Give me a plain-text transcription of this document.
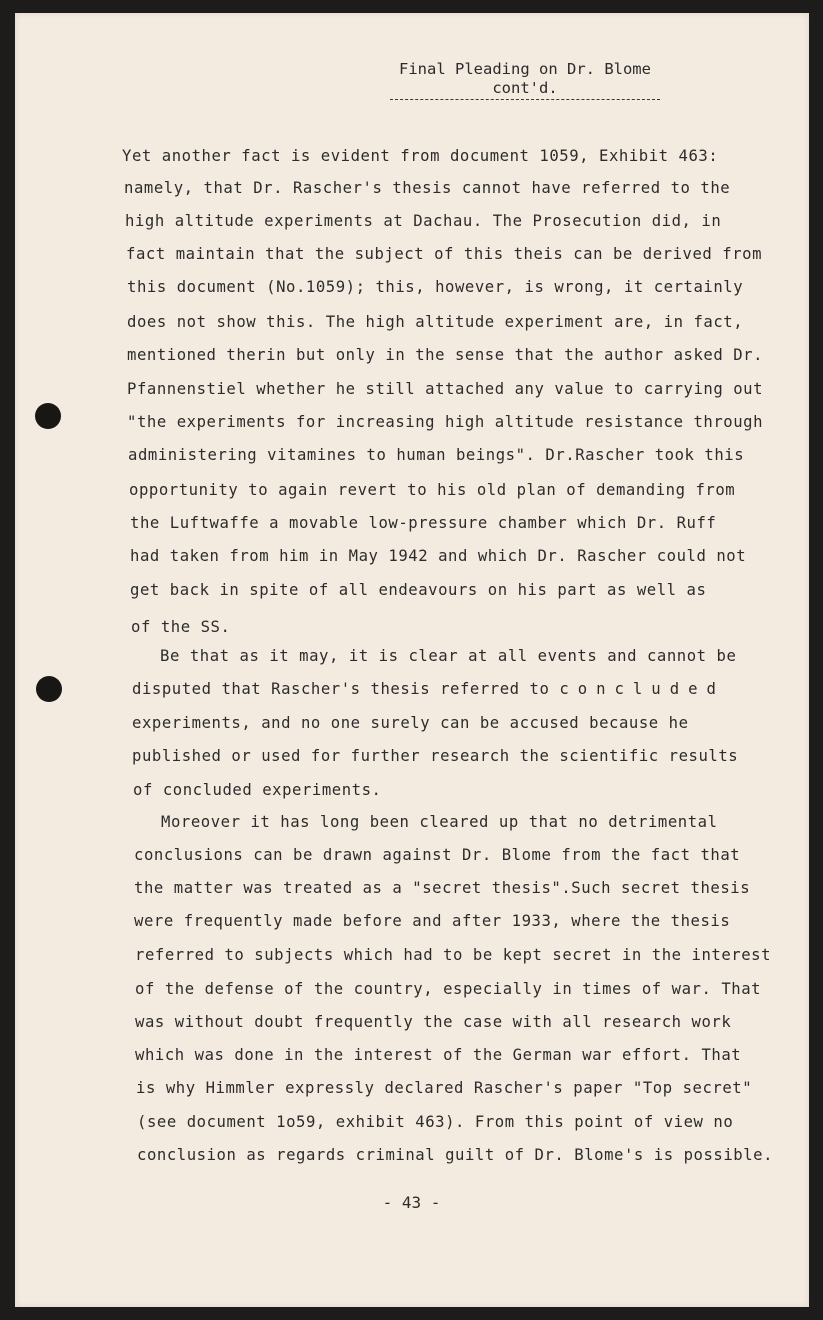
Final Pleading on Dr. Blome
cont'd.
Yet another fact is evident from document 1059, Exhibit 463:
namely, that Dr. Rascher's thesis cannot have referred to the
high altitude experiments at Dachau. The Prosecution did, in
fact maintain that the subject of this theis can be derived from
this document (No.1059); this, however, is wrong, it certainly
does not show this. The high altitude experiment are, in fact,
mentioned therin but only in the sense that the author asked Dr.
Pfannenstiel whether he still attached any value to carrying out
"the experiments for increasing high altitude resistance through
administering vitamines to human beings". Dr.Rascher took this
opportunity to again revert to his old plan of demanding from
the Luftwaffe a movable low-pressure chamber which Dr. Ruff
had taken from him in May 1942 and which Dr. Rascher could not
get back in spite of all endeavours on his part as well as
of the SS.
Be that as it may, it is clear at all events and cannot be
disputed that Rascher's thesis referred to concluded
experiments, and no one surely can be accused because he
published or used for further research the scientific results
of concluded experiments.
Moreover it has long been cleared up that no detrimental
conclusions can be drawn against Dr. Blome from the fact that
the matter was treated as a "secret thesis".Such secret thesis
were frequently made before and after 1933, where the thesis
referred to subjects which had to be kept secret in the interest
of the defense of the country, especially in times of war. That
was without doubt frequently the case with all research work
which was done in the interest of the German war effort. That
is why Himmler expressly declared Rascher's paper "Top secret"
(see document 1o59, exhibit 463). From this point of view no
conclusion as regards criminal guilt of Dr. Blome's is possible.
- 43 -
